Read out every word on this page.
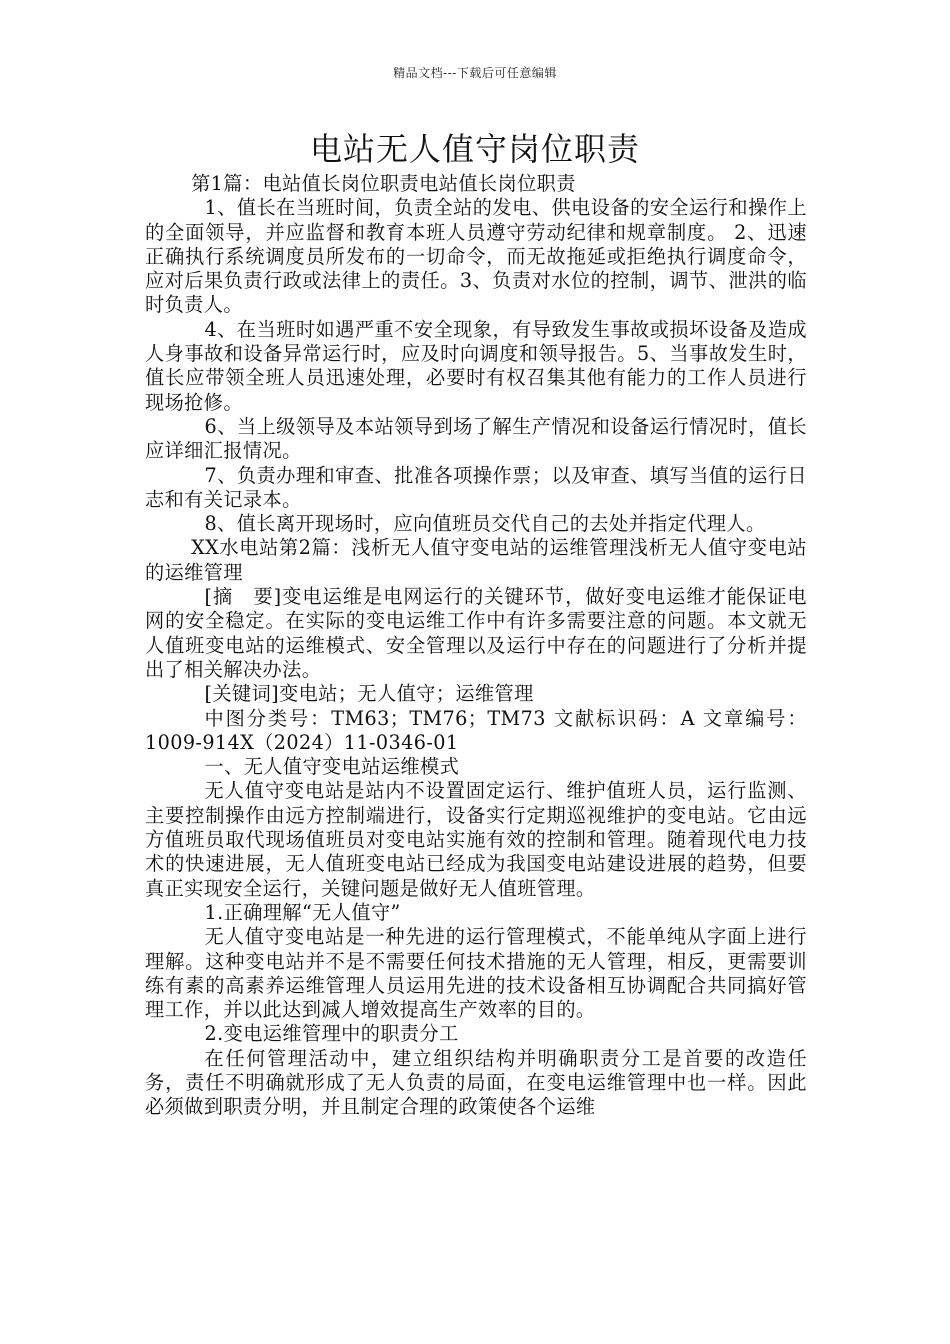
精品文档---下载后可任意编辑
电站无人值守岗位职责

第1篇：电站值长岗位职责电站值长岗位职责

1、值长在当班时间，负责全站的发电、供电设备的安全运行和操作上的全面领导，并应监督和教育本班人员遵守劳动纪律和规章制度。 2、迅速正确执行系统调度员所发布的一切命令，而无故拖延或拒绝执行调度命令，应对后果负责行政或法律上的责任。3、负责对水位的控制，调节、泄洪的临时负责人。

4、在当班时如遇严重不安全现象，有导致发生事故或损坏设备及造成人身事故和设备异常运行时，应及时向调度和领导报告。5、当事故发生时，值长应带领全班人员迅速处理，必要时有权召集其他有能力的工作人员进行现场抢修。

6、当上级领导及本站领导到场了解生产情况和设备运行情况时，值长应详细汇报情况。

7、负责办理和审查、批准各项操作票；以及审查、填写当值的运行日志和有关记录本。

8、值长离开现场时，应向值班员交代自己的去处并指定代理人。

XX水电站第2篇：浅析无人值守变电站的运维管理浅析无人值守变电站的运维管理

[摘　要]变电运维是电网运行的关键环节，做好变电运维才能保证电网的安全稳定。在实际的变电运维工作中有许多需要注意的问题。本文就无人值班变电站的运维模式、安全管理以及运行中存在的问题进行了分析并提出了相关解决办法。

[关键词]变电站；无人值守；运维管理

中图分类号：TM63；TM76；TM73 文献标识码：A 文章编号：1009-914X（2024）11-0346-01

一、无人值守变电站运维模式

无人值守变电站是站内不设置固定运行、维护值班人员，运行监测、主要控制操作由远方控制端进行，设备实行定期巡视维护的变电站。它由远方值班员取代现场值班员对变电站实施有效的控制和管理。随着现代电力技术的快速进展，无人值班变电站已经成为我国变电站建设进展的趋势，但要真正实现安全运行，关键问题是做好无人值班管理。

1.正确理解“无人值守”

无人值守变电站是一种先进的运行管理模式，不能单纯从字面上进行理解。这种变电站并不是不需要任何技术措施的无人管理，相反，更需要训练有素的高素养运维管理人员运用先进的技术设备相互协调配合共同搞好管理工作，并以此达到减人增效提高生产效率的目的。

2.变电运维管理中的职责分工

在任何管理活动中，建立组织结构并明确职责分工是首要的改造任务，责任不明确就形成了无人负责的局面，在变电运维管理中也一样。因此必须做到职责分明，并且制定合理的政策使各个运维
